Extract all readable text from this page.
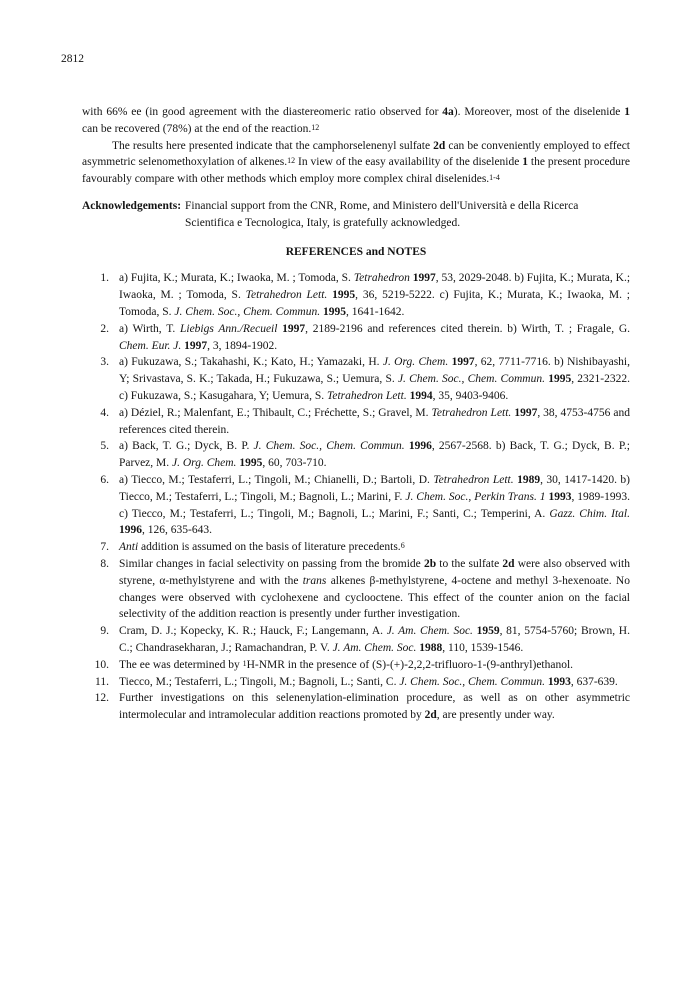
2812

with 66% ee (in good agreement with the diastereomeric ratio observed for 4a). Moreover, most of the diselenide 1 can be recovered (78%) at the end of the reaction.$^{12}$

The results here presented indicate that the camphorselenenyl sulfate 2d can be conveniently employed to effect asymmetric selenomethoxylation of alkenes.$^{12}$ In view of the easy availability of the diselenide 1 the present procedure favourably compare with other methods which employ more complex chiral diselenides.$^{1-4}$

Acknowledgements: Financial support from the CNR, Rome, and Ministero dell'Università e della Ricerca Scientifica e Tecnologica, Italy, is gratefully acknowledged.
REFERENCES and NOTES
1. a) Fujita, K.; Murata, K.; Iwaoka, M. ; Tomoda, S. Tetrahedron 1997, 53, 2029-2048. b) Fujita, K.; Murata, K.; Iwaoka, M. ; Tomoda, S. Tetrahedron Lett. 1995, 36, 5219-5222. c) Fujita, K.; Murata, K.; Iwaoka, M. ; Tomoda, S. J. Chem. Soc., Chem. Commun. 1995, 1641-1642.
2. a) Wirth, T. Liebigs Ann./Recueil 1997, 2189-2196 and references cited therein. b) Wirth, T. ; Fragale, G. Chem. Eur. J. 1997, 3, 1894-1902.
3. a) Fukuzawa, S.; Takahashi, K.; Kato, H.; Yamazaki, H. J. Org. Chem. 1997, 62, 7711-7716. b) Nishibayashi, Y; Srivastava, S. K.; Takada, H.; Fukuzawa, S.; Uemura, S. J. Chem. Soc., Chem. Commun. 1995, 2321-2322. c) Fukuzawa, S.; Kasugahara, Y; Uemura, S. Tetrahedron Lett. 1994, 35, 9403-9406.
4. a) Déziel, R.; Malenfant, E.; Thibault, C.; Fréchette, S.; Gravel, M. Tetrahedron Lett. 1997, 38, 4753-4756 and references cited therein.
5. a) Back, T. G.; Dyck, B. P. J. Chem. Soc., Chem. Commun. 1996, 2567-2568. b) Back, T. G.; Dyck, B. P.; Parvez, M. J. Org. Chem. 1995, 60, 703-710.
6. a) Tiecco, M.; Testaferri, L.; Tingoli, M.; Chianelli, D.; Bartoli, D. Tetrahedron Lett. 1989, 30, 1417-1420. b) Tiecco, M.; Testaferri, L.; Tingoli, M.; Bagnoli, L.; Marini, F. J. Chem. Soc., Perkin Trans. 1 1993, 1989-1993. c) Tiecco, M.; Testaferri, L.; Tingoli, M.; Bagnoli, L.; Marini, F.; Santi, C.; Temperini, A. Gazz. Chim. Ital. 1996, 126, 635-643.
7. Anti addition is assumed on the basis of literature precedents.$^6$
8. Similar changes in facial selectivity on passing from the bromide 2b to the sulfate 2d were also observed with styrene, α-methylstyrene and with the trans alkenes β-methylstyrene, 4-octene and methyl 3-hexenoate. No changes were observed with cyclohexene and cyclooctene. This effect of the counter anion on the facial selectivity of the addition reaction is presently under further investigation.
9. Cram, D. J.; Kopecky, K. R.; Hauck, F.; Langemann, A. J. Am. Chem. Soc. 1959, 81, 5754-5760; Brown, H. C.; Chandrasekharan, J.; Ramachandran, P. V. J. Am. Chem. Soc. 1988, 110, 1539-1546.
10. The ee was determined by $^1$H-NMR in the presence of (S)-(+)-2,2,2-trifluoro-1-(9-anthryl)ethanol.
11. Tiecco, M.; Testaferri, L.; Tingoli, M.; Bagnoli, L.; Santi, C. J. Chem. Soc., Chem. Commun. 1993, 637-639.
12. Further investigations on this selenenylation-elimination procedure, as well as on other asymmetric intermolecular and intramolecular addition reactions promoted by 2d, are presently under way.
